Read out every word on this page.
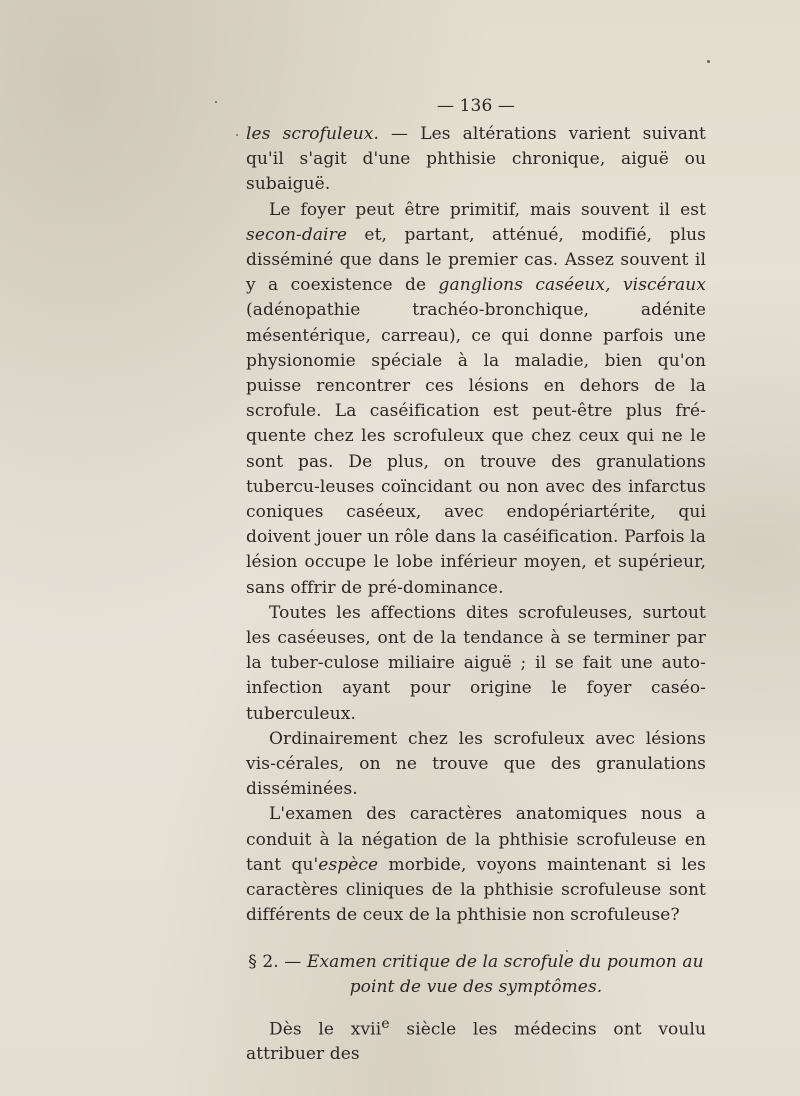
— 136 —

les scrofuleux. — Les altérations varient suivant qu'il s'agit d'une phthisie chronique, aiguë ou subaiguë.

Le foyer peut être primitif, mais souvent il est secon-daire et, partant, atténué, modifié, plus disséminé que dans le premier cas. Assez souvent il y a coexistence de ganglions caséeux, viscéraux (adénopathie trachéo-bronchique, adénite mésentérique, carreau), ce qui donne parfois une physionomie spéciale à la maladie, bien qu'on puisse rencontrer ces lésions en dehors de la scrofule. La caséification est peut-être plus fré-quente chez les scrofuleux que chez ceux qui ne le sont pas. De plus, on trouve des granulations tubercu-leuses coïncidant ou non avec des infarctus coniques caséeux, avec endopériartérite, qui doivent jouer un rôle dans la caséification. Parfois la lésion occupe le lobe inférieur moyen, et supérieur, sans offrir de pré-dominance.

Toutes les affections dites scrofuleuses, surtout les caséeuses, ont de la tendance à se terminer par la tuber-culose miliaire aiguë ; il se fait une auto-infection ayant pour origine le foyer caséo-tuberculeux.

Ordinairement chez les scrofuleux avec lésions vis-cérales, on ne trouve que des granulations disséminées.

L'examen des caractères anatomiques nous a conduit à la négation de la phthisie scrofuleuse en tant qu'espèce morbide, voyons maintenant si les caractères cliniques de la phthisie scrofuleuse sont différents de ceux de la phthisie non scrofuleuse?

§ 2. — Examen critique de la scrofule du poumon au
point de vue des symptômes.

Dès le xvii$^e$ siècle les médecins ont voulu attribuer des
